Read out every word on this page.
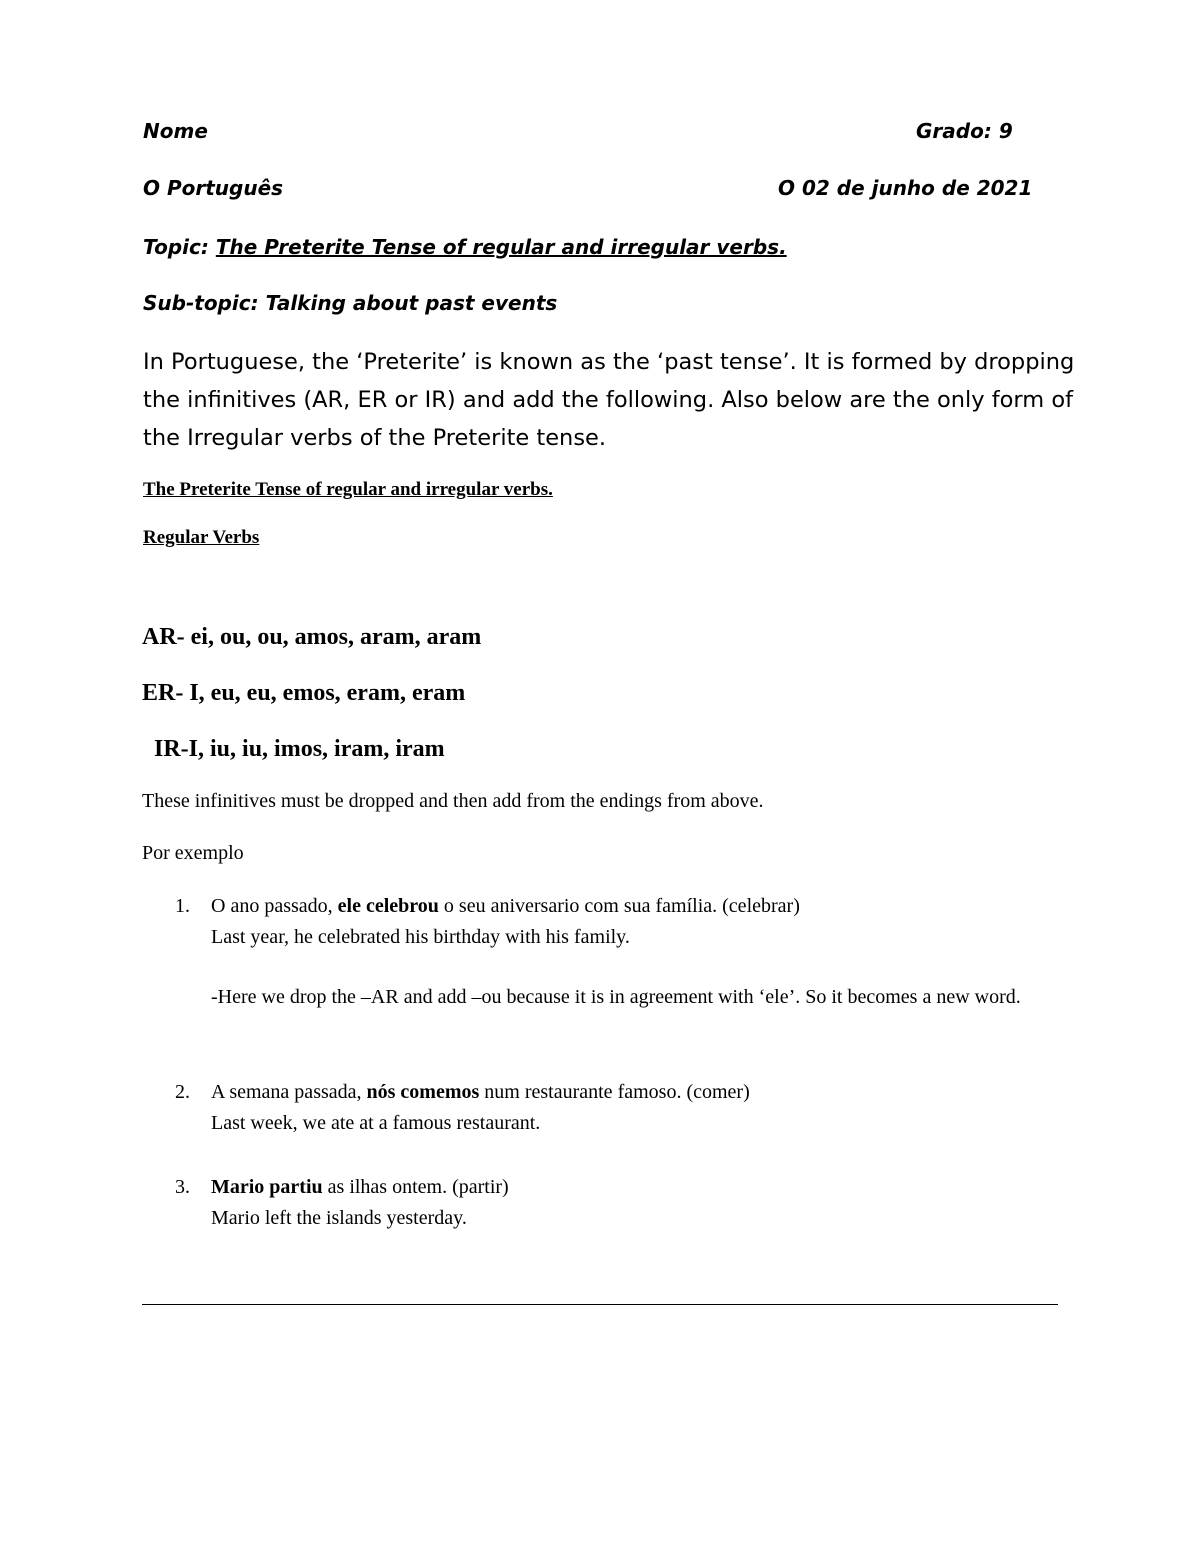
Nome	Grado: 9
O Português	O 02 de junho de 2021
Topic: The Preterite Tense of regular and irregular verbs.
Sub-topic: Talking about past events
In Portuguese, the ‘Preterite’ is known as the ‘past tense’. It is formed by dropping the infinitives (AR, ER or IR) and add the following. Also below are the only form of the Irregular verbs of the Preterite tense.
The Preterite Tense of regular and irregular verbs.
Regular Verbs
AR- ei, ou, ou, amos, aram, aram
ER- I, eu, eu, emos, eram, eram
IR-I, iu, iu, imos, iram, iram
These infinitives must be dropped and then add from the endings from above.
Por exemplo
1. O ano passado, ele celebrou o seu aniversario com sua família. (celebrar)
Last year, he celebrated his birthday with his family.
-Here we drop the –AR and add –ou because it is in agreement with ‘ele’. So it becomes a new word.
2. A semana passada, nós comemos num restaurante famoso. (comer)
Last week, we ate at a famous restaurant.
3. Mario partiu as ilhas ontem. (partir)
Mario left the islands yesterday.
